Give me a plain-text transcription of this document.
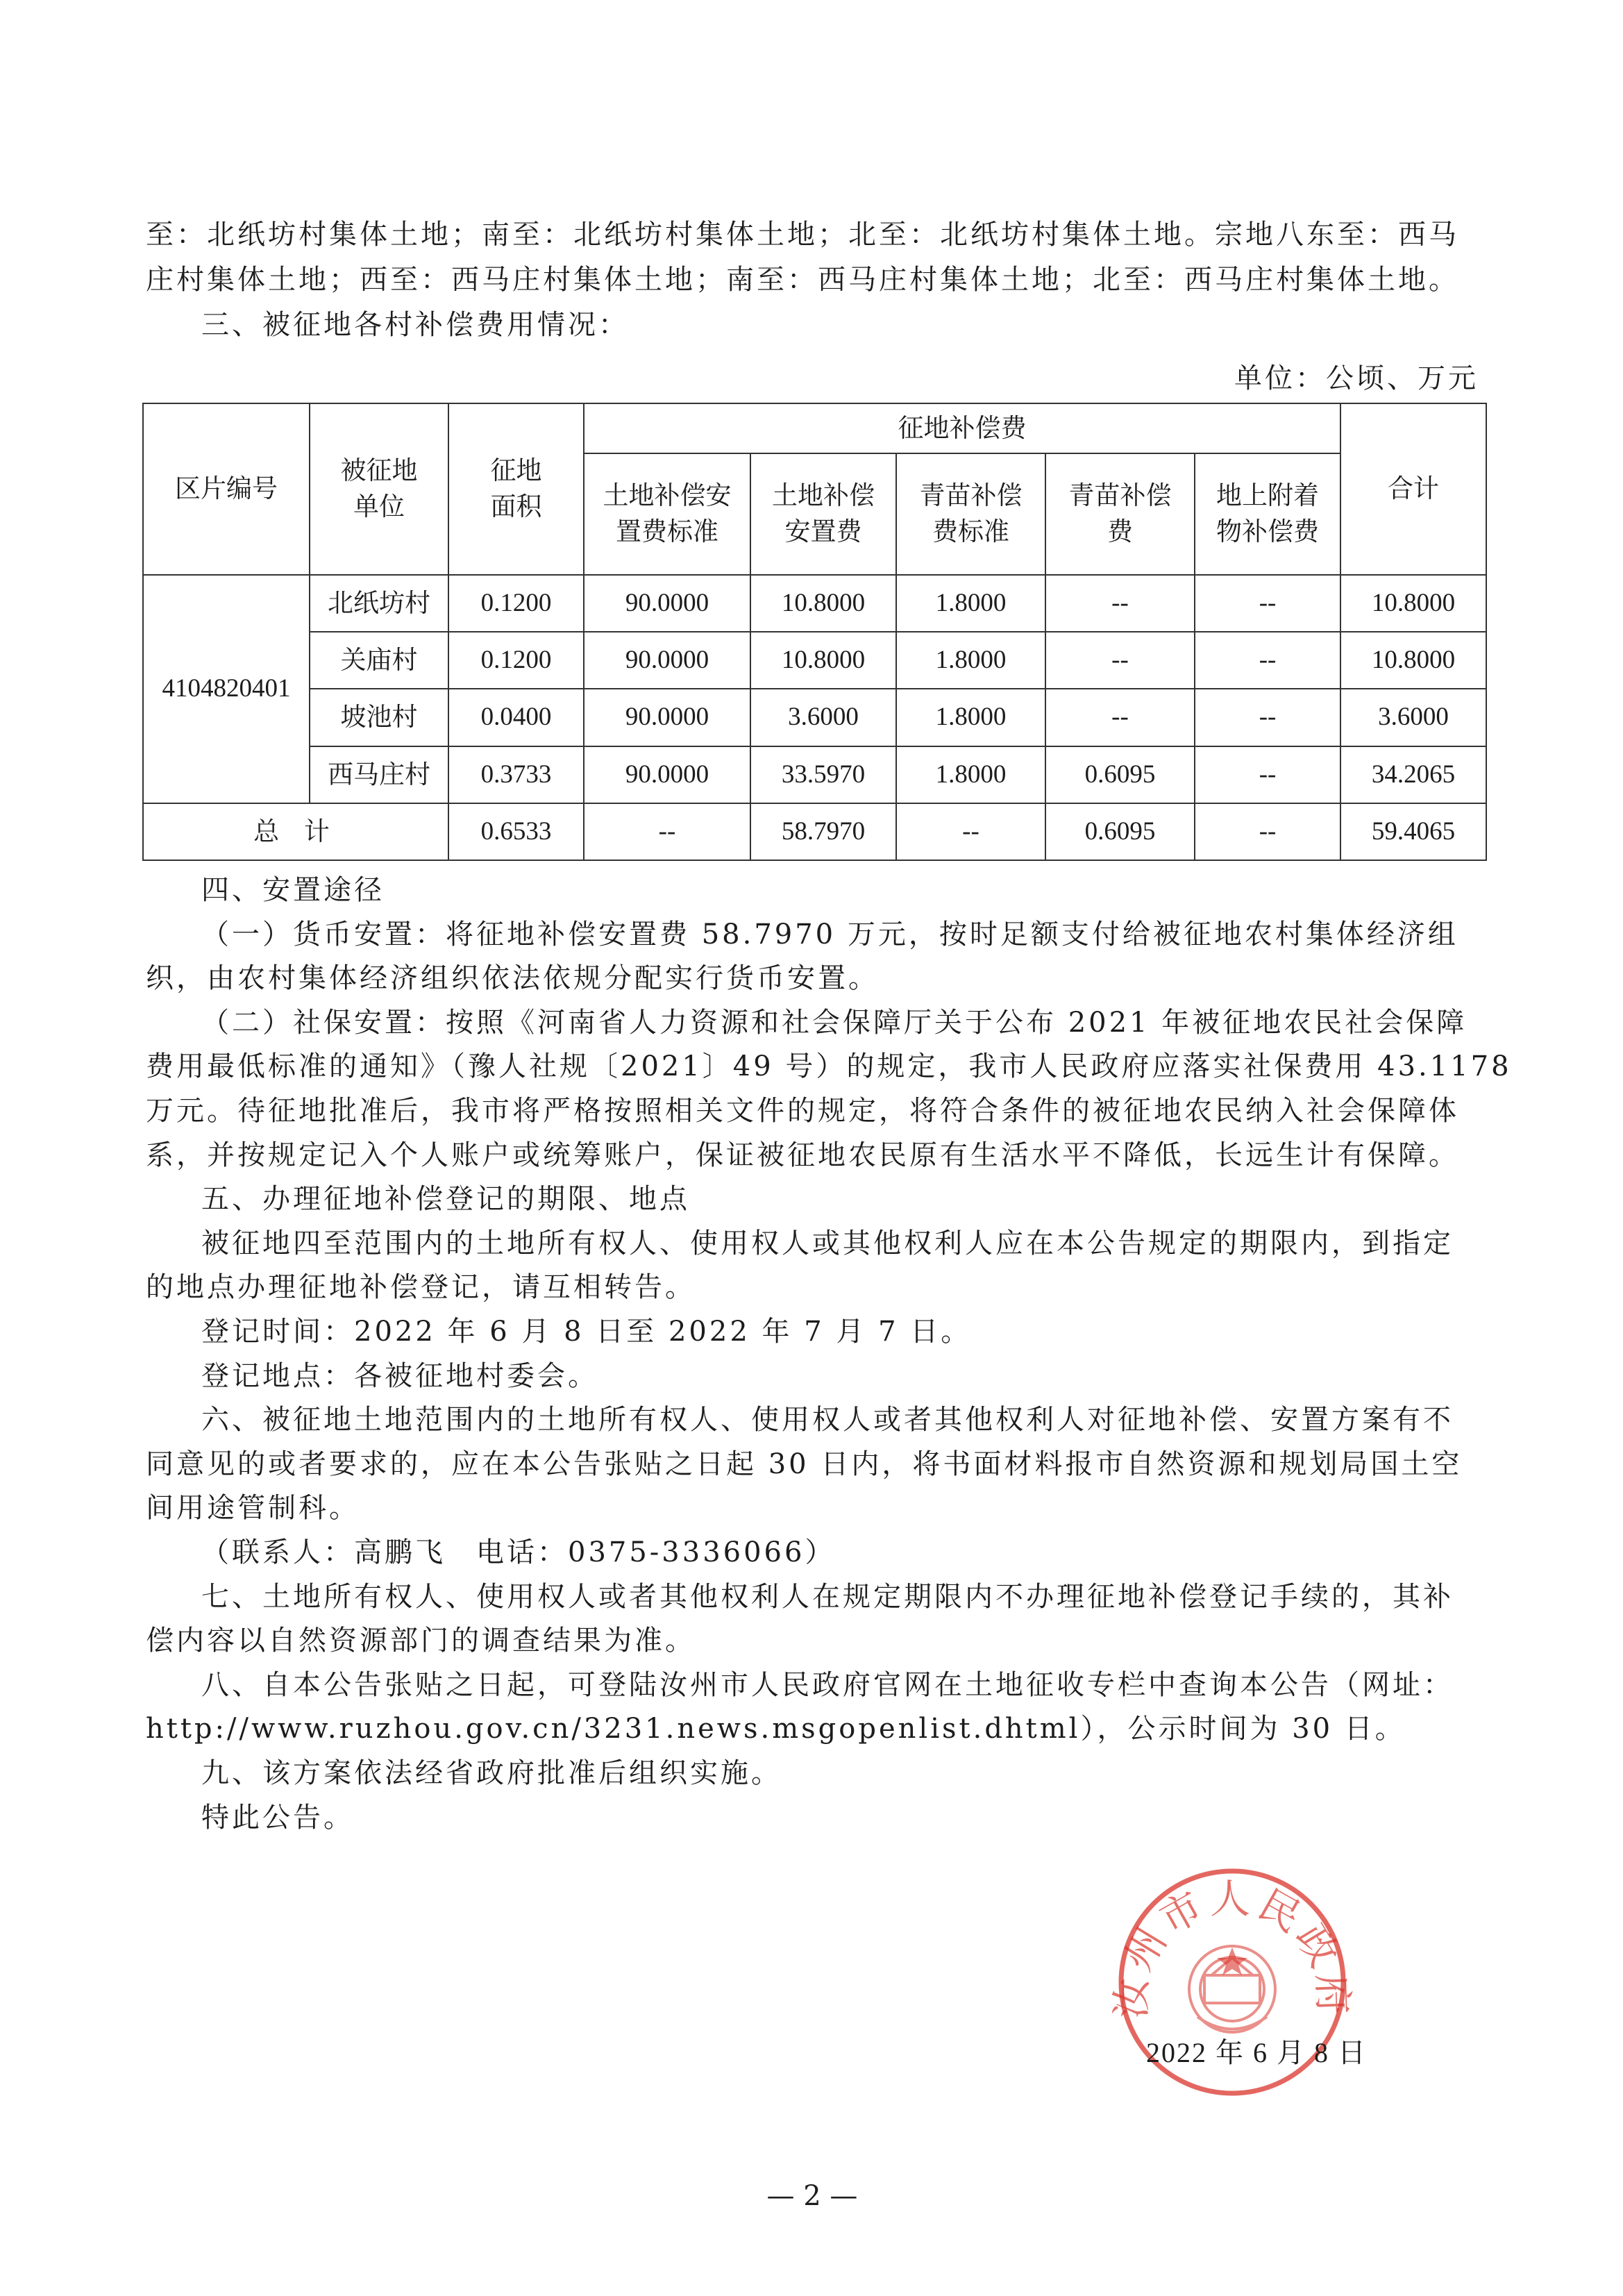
至：北纸坊村集体土地；南至：北纸坊村集体土地；北至：北纸坊村集体土地。宗地八东至：西马
庄村集体土地；西至：西马庄村集体土地；南至：西马庄村集体土地；北至：西马庄村集体土地。
三、被征地各村补偿费用情况：
单位：公顷、万元
区片编号	被征地单位	征地面积	征地补偿费					合计
			土地补偿安置费标准	土地补偿安置费	青苗补偿费标准	青苗补偿费	地上附着物补偿费	
4104820401	北纸坊村	0.1200	90.0000	10.8000	1.8000	--	--	10.8000
	关庙村	0.1200	90.0000	10.8000	1.8000	--	--	10.8000
	坡池村	0.0400	90.0000	3.6000	1.8000	--	--	3.6000
	西马庄村	0.3733	90.0000	33.5970	1.8000	0.6095	--	34.2065
总 计		0.6533	--	58.7970	--	0.6095	--	59.4065
四、安置途径
（一）货币安置：将征地补偿安置费 58.7970 万元，按时足额支付给被征地农村集体经济组
织，由农村集体经济组织依法依规分配实行货币安置。
（二）社保安置：按照《河南省人力资源和社会保障厅关于公布 2021 年被征地农民社会保障
费用最低标准的通知》（豫人社规〔2021〕49 号）的规定，我市人民政府应落实社保费用 43.1178
万元。待征地批准后，我市将严格按照相关文件的规定，将符合条件的被征地农民纳入社会保障体
系，并按规定记入个人账户或统筹账户，保证被征地农民原有生活水平不降低，长远生计有保障。
五、办理征地补偿登记的期限、地点
被征地四至范围内的土地所有权人、使用权人或其他权利人应在本公告规定的期限内，到指定
的地点办理征地补偿登记，请互相转告。
登记时间：2022 年 6 月 8 日至 2022 年 7 月 7 日。
登记地点：各被征地村委会。
六、被征地土地范围内的土地所有权人、使用权人或者其他权利人对征地补偿、安置方案有不
同意见的或者要求的，应在本公告张贴之日起 30 日内，将书面材料报市自然资源和规划局国土空
间用途管制科。
（联系人：高鹏飞　电话：0375-3336066）
七、土地所有权人、使用权人或者其他权利人在规定期限内不办理征地补偿登记手续的，其补
偿内容以自然资源部门的调查结果为准。
八、自本公告张贴之日起，可登陆汝州市人民政府官网在土地征收专栏中查询本公告（网址：
http://www.ruzhou.gov.cn/3231.news.msgopenlist.dhtml），公示时间为 30 日。
九、该方案依法经省政府批准后组织实施。
特此公告。
汝州市人民政府
2022 年 6 月 8 日
— 2 —
